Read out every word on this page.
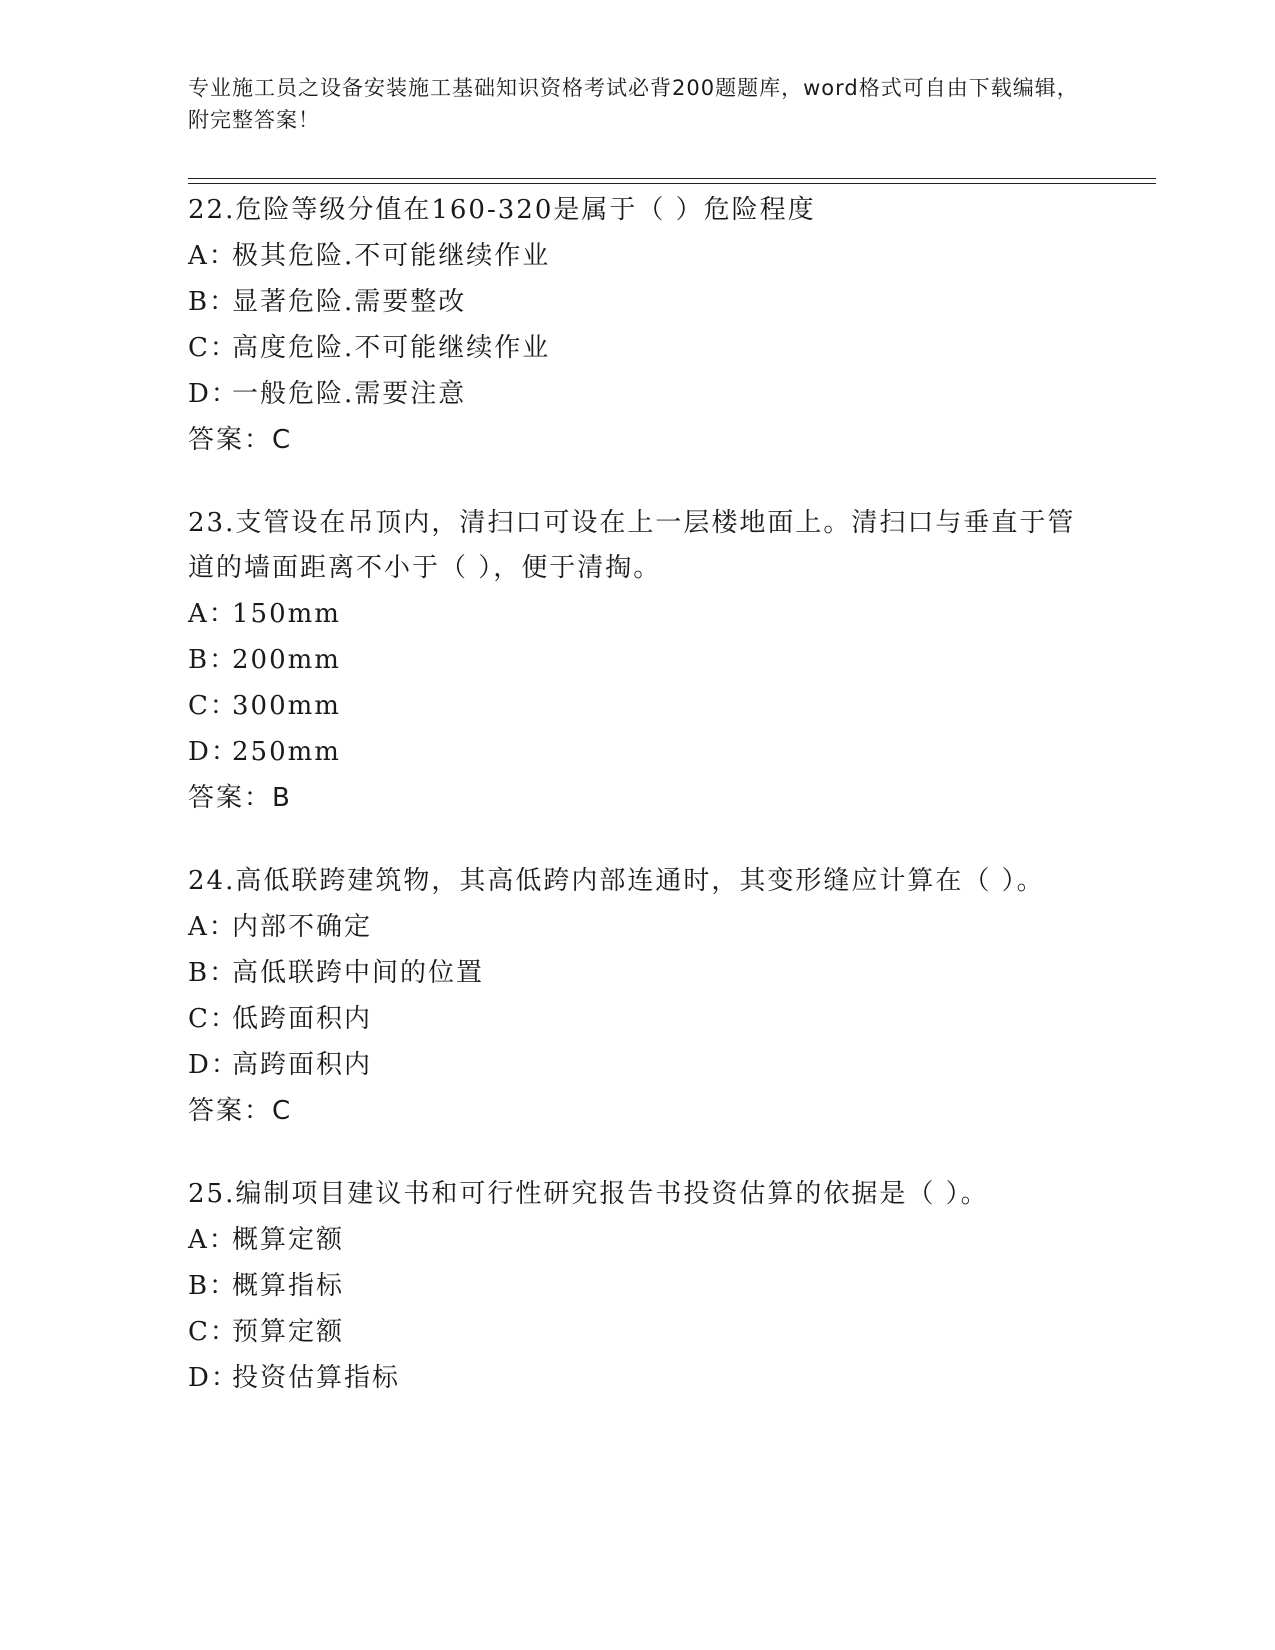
专业施工员之设备安装施工基础知识资格考试必背200题题库，word格式可自由下载编辑，附完整答案！
22.危险等级分值在160-320是属于（ ）危险程度
A：极其危险.不可能继续作业
B：显著危险.需要整改
C：高度危险.不可能继续作业
D：一般危险.需要注意
答案：C
23.支管设在吊顶内，清扫口可设在上一层楼地面上。清扫口与垂直于管道的墙面距离不小于（ ），便于清掏。
A：150mm
B：200mm
C：300mm
D：250mm
答案：B
24.高低联跨建筑物，其高低跨内部连通时，其变形缝应计算在（ ）。
A：内部不确定
B：高低联跨中间的位置
C：低跨面积内
D：高跨面积内
答案：C
25.编制项目建议书和可行性研究报告书投资估算的依据是（ ）。
A：概算定额
B：概算指标
C：预算定额
D：投资估算指标
